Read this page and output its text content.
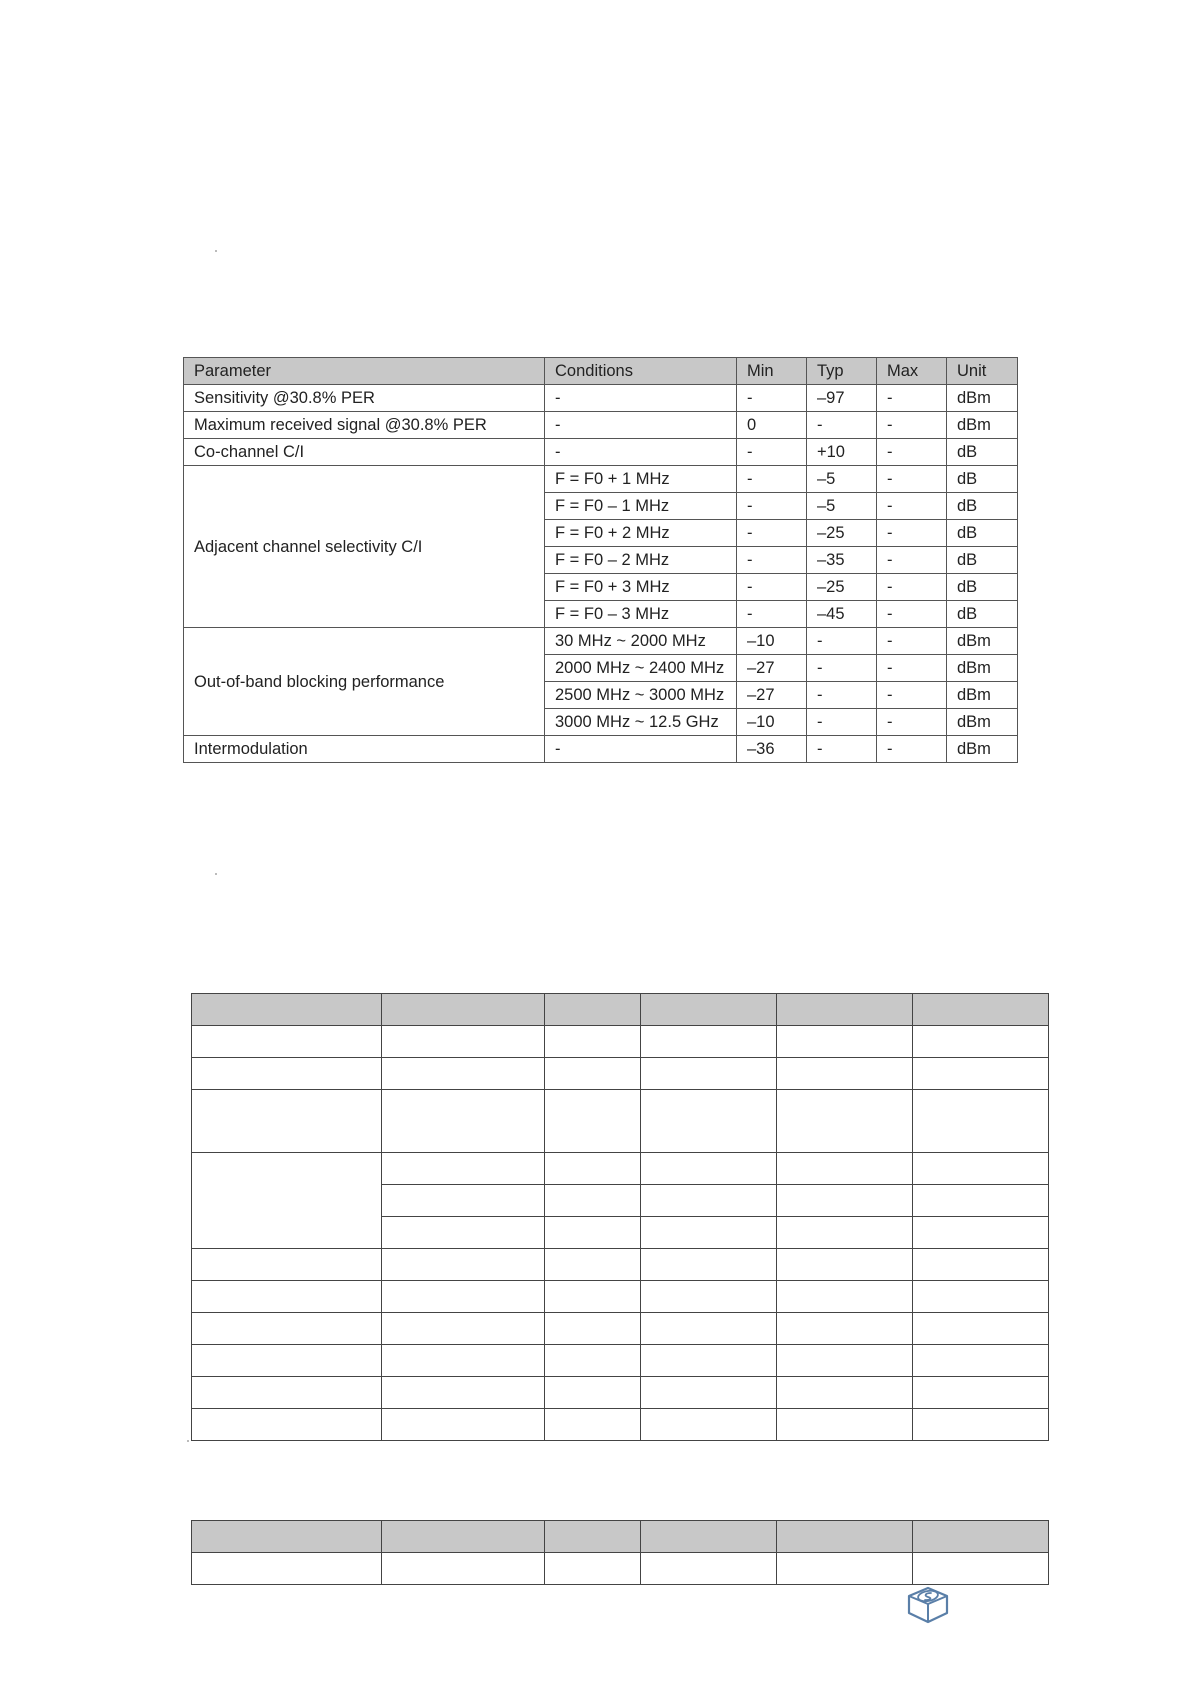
Parameter	Conditions	Min	Typ	Max	Unit
Sensitivity @30.8% PER	-	-	–97	-	dBm
Maximum received signal @30.8% PER	-	0	-	-	dBm
Co-channel C/I	-	-	+10	-	dB
Adjacent channel selectivity C/I	F = F0 + 1 MHz	-	–5	-	dB
	F = F0 – 1 MHz	-	–5	-	dB
	F = F0 + 2 MHz	-	–25	-	dB
	F = F0 – 2 MHz	-	–35	-	dB
	F = F0 + 3 MHz	-	–25	-	dB
	F = F0 – 3 MHz	-	–45	-	dB
Out-of-band blocking performance	30 MHz ~ 2000 MHz	–10	-	-	dBm
	2000 MHz ~ 2400 MHz	–27	-	-	dBm
	2500 MHz ~ 3000 MHz	–27	-	-	dBm
	3000 MHz ~ 12.5 GHz	–10	-	-	dBm
Intermodulation	-	–36	-	-	dBm
